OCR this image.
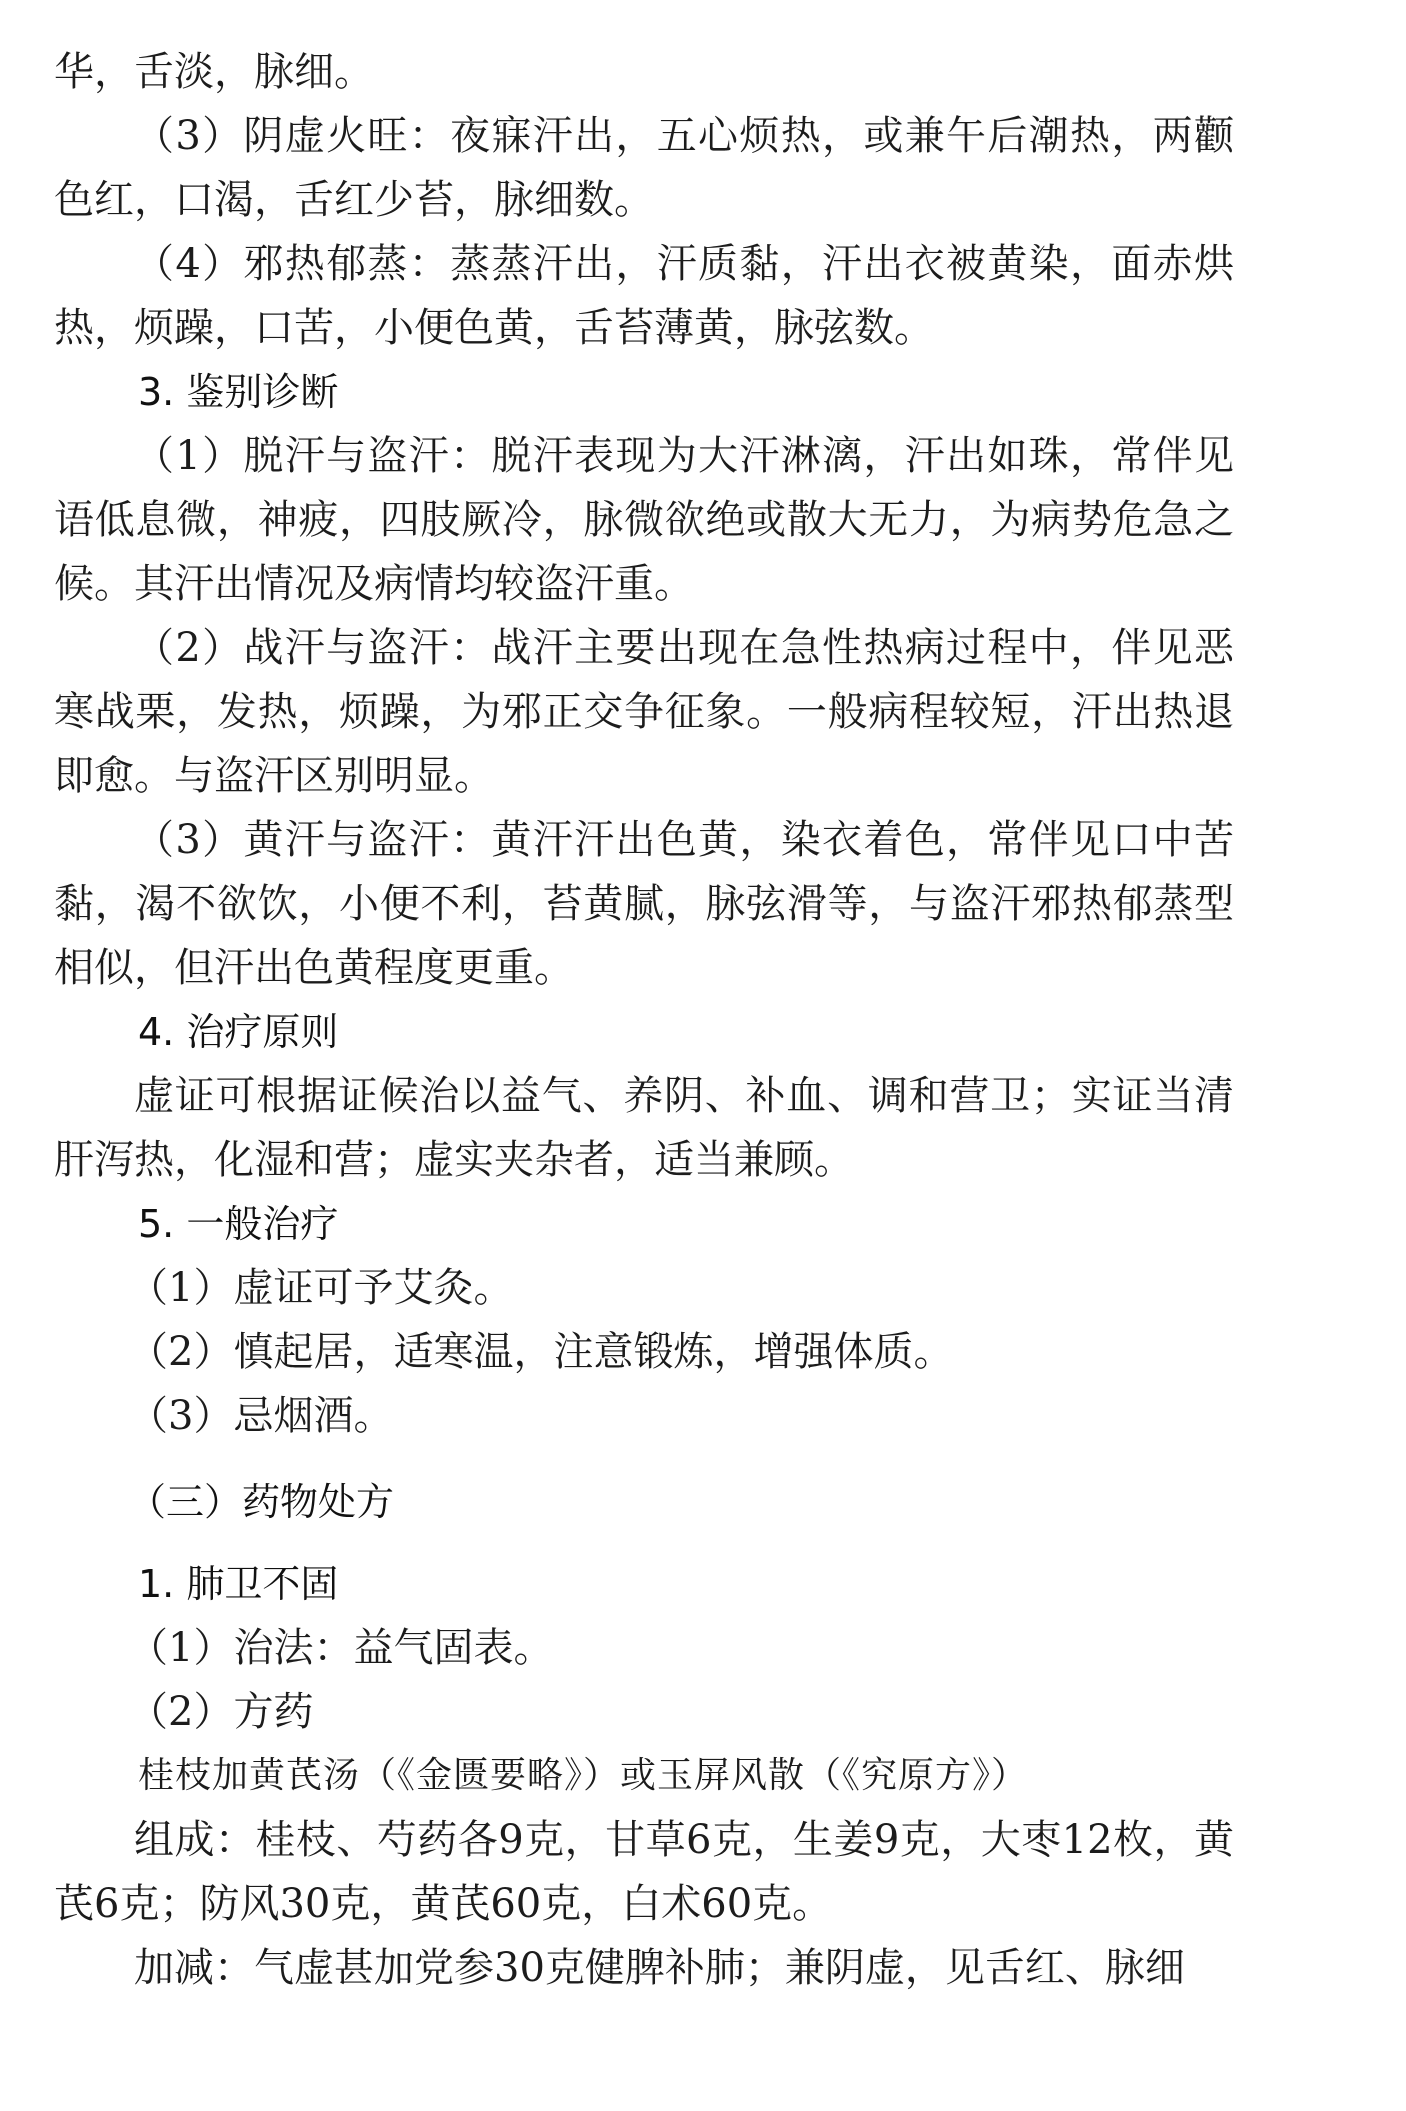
华，舌淡，脉细。

（3）阴虚火旺：夜寐汗出，五心烦热，或兼午后潮热，两颧色红，口渴，舌红少苔，脉细数。

（4）邪热郁蒸：蒸蒸汗出，汗质黏，汗出衣被黄染，面赤烘热，烦躁，口苦，小便色黄，舌苔薄黄，脉弦数。

3. 鉴别诊断

（1）脱汗与盗汗：脱汗表现为大汗淋漓，汗出如珠，常伴见语低息微，神疲，四肢厥冷，脉微欲绝或散大无力，为病势危急之候。其汗出情况及病情均较盗汗重。

（2）战汗与盗汗：战汗主要出现在急性热病过程中，伴见恶寒战栗，发热，烦躁，为邪正交争征象。一般病程较短，汗出热退即愈。与盗汗区别明显。

（3）黄汗与盗汗：黄汗汗出色黄，染衣着色，常伴见口中苦黏，渴不欲饮，小便不利，苔黄腻，脉弦滑等，与盗汗邪热郁蒸型相似，但汗出色黄程度更重。

4. 治疗原则

虚证可根据证候治以益气、养阴、补血、调和营卫；实证当清肝泻热，化湿和营；虚实夹杂者，适当兼顾。

5. 一般治疗

（1）虚证可予艾灸。

（2）慎起居，适寒温，注意锻炼，增强体质。

（3）忌烟酒。

（三）药物处方
1. 肺卫不固

（1）治法：益气固表。

（2）方药

桂枝加黄芪汤（《金匮要略》）或玉屏风散（《究原方》）

组成：桂枝、芍药各9克，甘草6克，生姜9克，大枣12枚，黄芪6克；防风30克，黄芪60克，白术60克。

加减：气虚甚加党参30克健脾补肺；兼阴虚，见舌红、脉细
